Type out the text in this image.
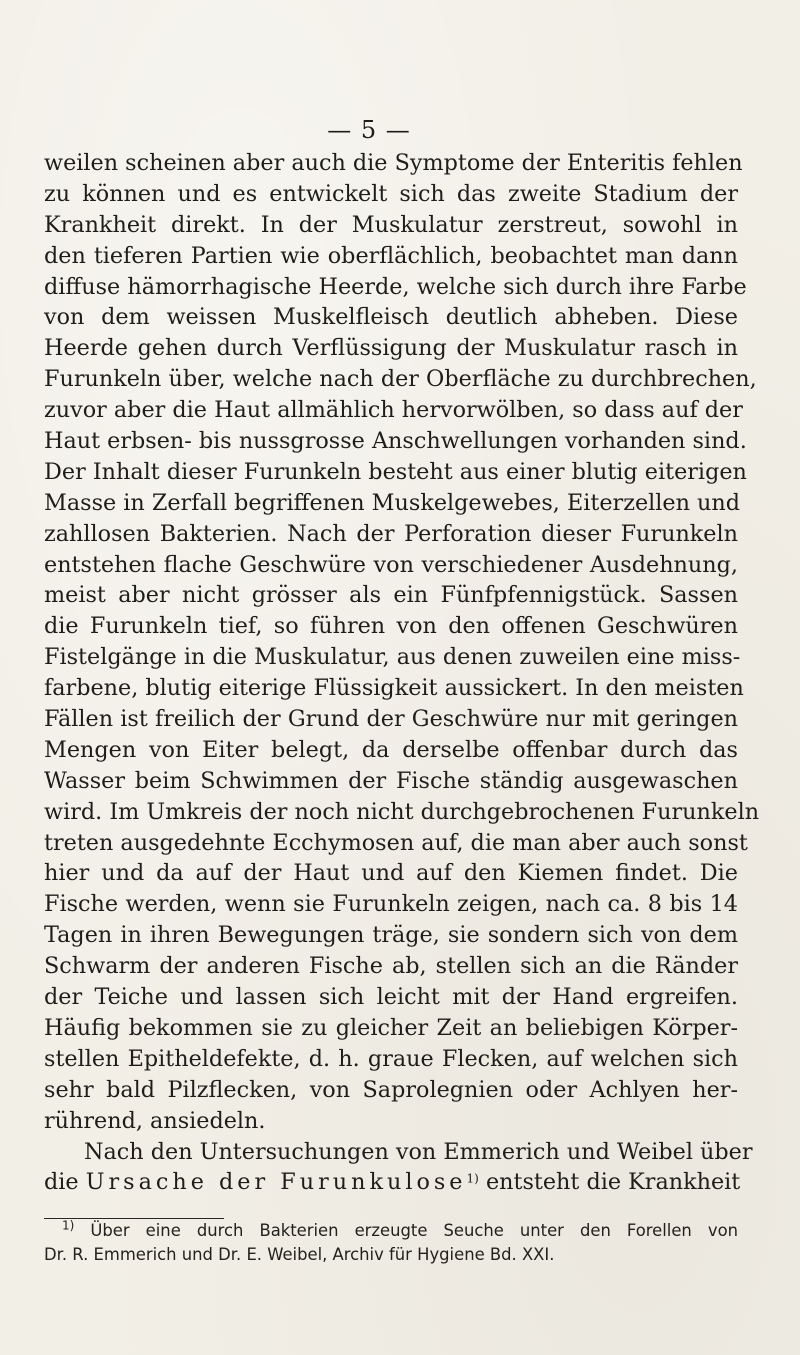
— 5 —
weilen scheinen aber auch die Symptome der Enteritis fehlen
zu können und es entwickelt sich das zweite Stadium der
Krankheit direkt. In der Muskulatur zerstreut, sowohl in
den tieferen Partien wie oberflächlich, beobachtet man dann
diffuse hämorrhagische Heerde, welche sich durch ihre Farbe
von dem weissen Muskelfleisch deutlich abheben. Diese
Heerde gehen durch Verflüssigung der Muskulatur rasch in
Furunkeln über, welche nach der Oberfläche zu durchbrechen,
zuvor aber die Haut allmählich hervorwölben, so dass auf der
Haut erbsen- bis nussgrosse Anschwellungen vorhanden sind.
Der Inhalt dieser Furunkeln besteht aus einer blutig eiterigen
Masse in Zerfall begriffenen Muskelgewebes, Eiterzellen und
zahllosen Bakterien. Nach der Perforation dieser Furunkeln
entstehen flache Geschwüre von verschiedener Ausdehnung,
meist aber nicht grösser als ein Fünfpfennigstück. Sassen
die Furunkeln tief, so führen von den offenen Geschwüren
Fistelgänge in die Muskulatur, aus denen zuweilen eine miss-
farbene, blutig eiterige Flüssigkeit aussickert. In den meisten
Fällen ist freilich der Grund der Geschwüre nur mit geringen
Mengen von Eiter belegt, da derselbe offenbar durch das
Wasser beim Schwimmen der Fische ständig ausgewaschen
wird. Im Umkreis der noch nicht durchgebrochenen Furunkeln
treten ausgedehnte Ecchymosen auf, die man aber auch sonst
hier und da auf der Haut und auf den Kiemen findet. Die
Fische werden, wenn sie Furunkeln zeigen, nach ca. 8 bis 14
Tagen in ihren Bewegungen träge, sie sondern sich von dem
Schwarm der anderen Fische ab, stellen sich an die Ränder
der Teiche und lassen sich leicht mit der Hand ergreifen.
Häufig bekommen sie zu gleicher Zeit an beliebigen Körper-
stellen Epitheldefekte, d. h. graue Flecken, auf welchen sich
sehr bald Pilzflecken, von Saprolegnien oder Achlyen her-
rührend, ansiedeln.
Nach den Untersuchungen von Emmerich und Weibel über
die Ursache der Furunkulose$^{1)}$ entsteht die Krankheit
$^{1)}$ Über eine durch Bakterien erzeugte Seuche unter den Forellen von
Dr. R. Emmerich und Dr. E. Weibel, Archiv für Hygiene Bd. XXI.
